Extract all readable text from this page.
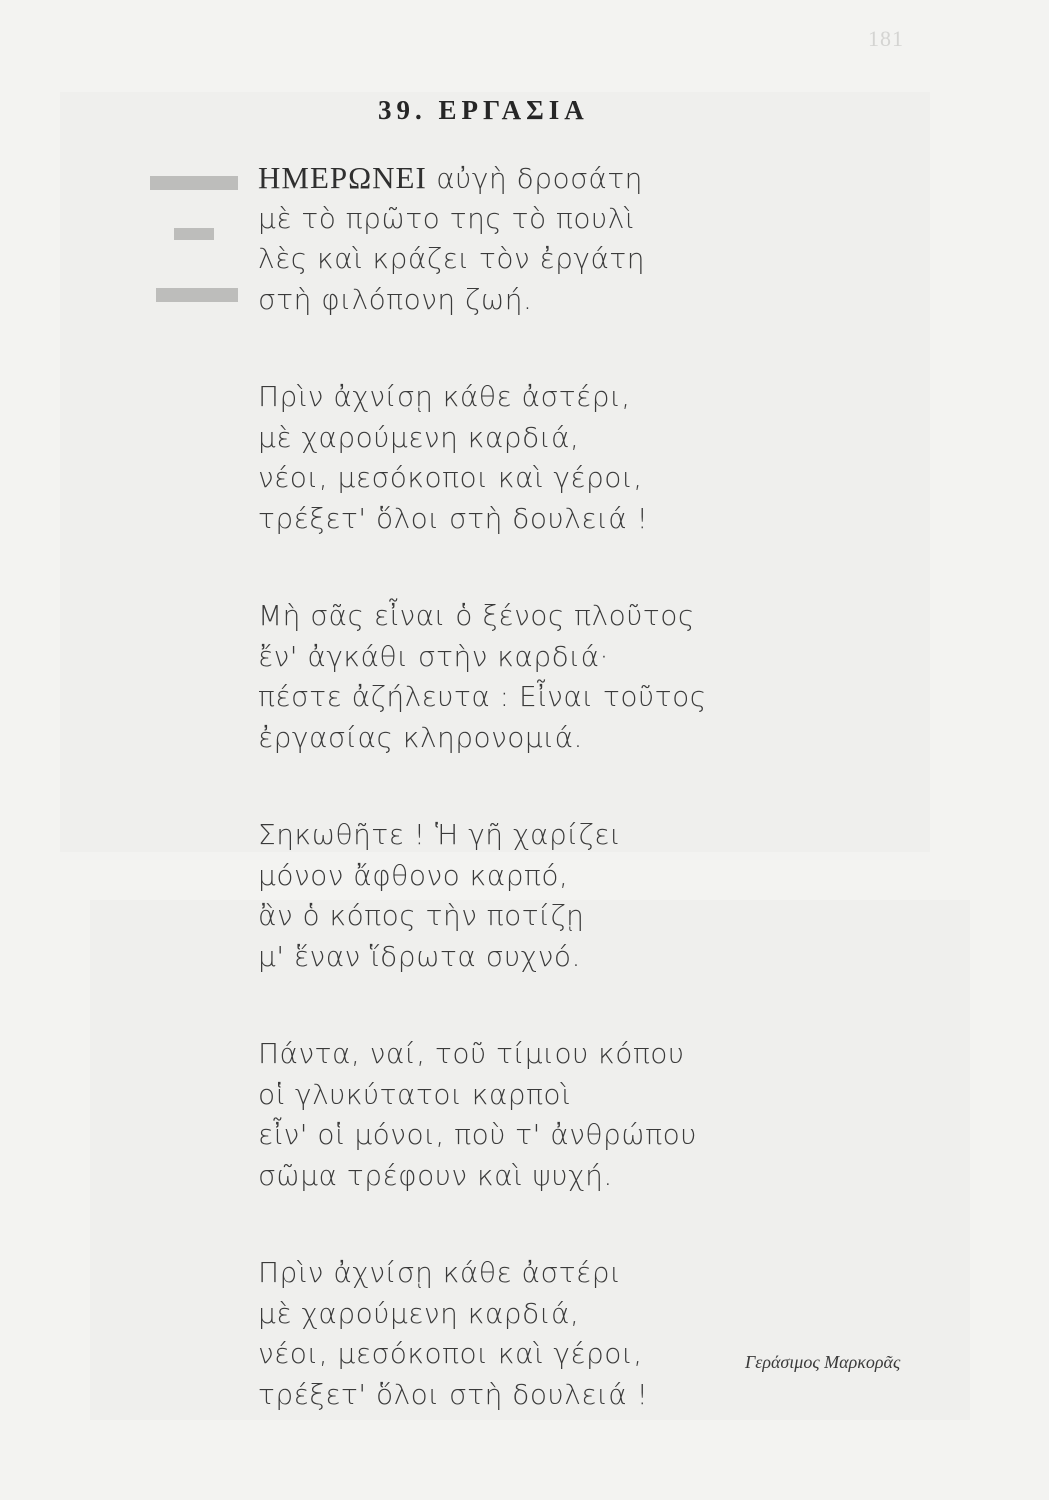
181
39. ΕΡΓΑΣΙΑ
ΗΜΕΡΩΝΕΙ αὐγὴ δροσάτη
μὲ τὸ πρῶτο της τὸ πουλὶ
λὲς καὶ κράζει τὸν ἐργάτη
στὴ φιλόπονη ζωή.
Πρὶν ἀχνίσῃ κάθε ἀστέρι,
μὲ χαρούμενη καρδιά,
νέοι, μεσόκοποι καὶ γέροι,
τρέξετ' ὅλοι στὴ δουλειά !
Μὴ σᾶς εἶναι ὁ ξένος πλοῦτος
ἔν' ἀγκάθι στὴν καρδιά·
πέστε ἀζήλευτα : Εἶναι τοῦτος
ἐργασίας κληρονομιά.
Σηκωθῆτε ! Ἡ γῆ χαρίζει
μόνον ἄφθονο καρπό,
ἂν ὁ κόπος τὴν ποτίζῃ
μ' ἕναν ἵδρωτα συχνό.
Πάντα, ναί, τοῦ τίμιου κόπου
οἱ γλυκύτατοι καρποὶ
εἶν' οἱ μόνοι, ποὺ τ' ἀνθρώπου
σῶμα τρέφουν καὶ ψυχή.
Πρὶν ἀχνίσῃ κάθε ἀστέρι
μὲ χαρούμενη καρδιά,
νέοι, μεσόκοποι καὶ γέροι,
τρέξετ' ὅλοι στὴ δουλειά !
Γεράσιμος Μαρκορᾶς
